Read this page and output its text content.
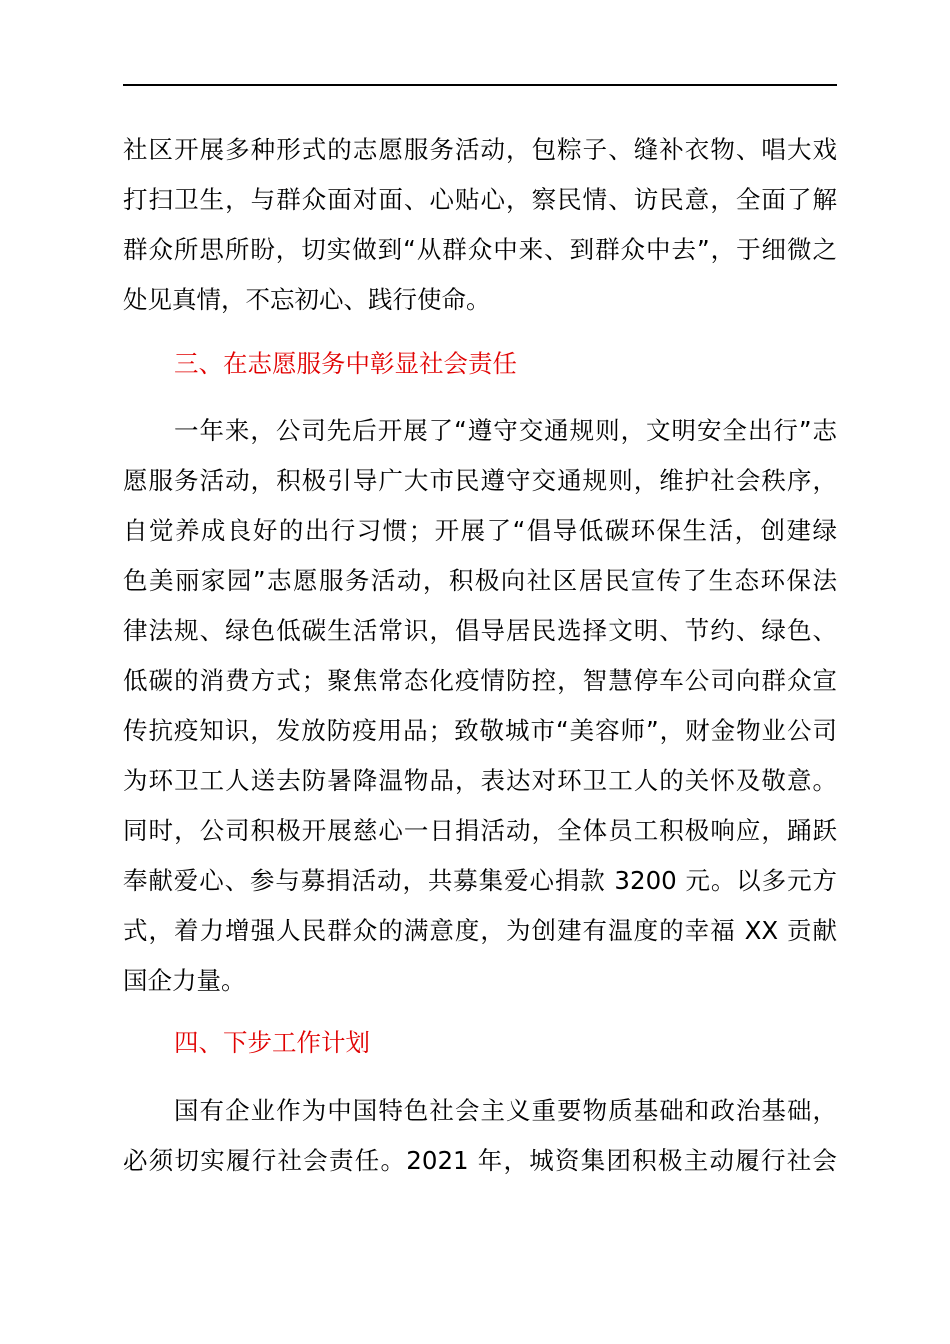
社区开展多种形式的志愿服务活动，包粽子、缝补衣物、唱大戏
打扫卫生，与群众面对面、心贴心，察民情、访民意，全面了解
群众所思所盼，切实做到“从群众中来、到群众中去”，于细微之
处见真情，不忘初心、践行使命。
三、在志愿服务中彰显社会责任
一年来，公司先后开展了“遵守交通规则，文明安全出行”志
愿服务活动，积极引导广大市民遵守交通规则，维护社会秩序，
自觉养成良好的出行习惯；开展了“倡导低碳环保生活，创建绿
色美丽家园”志愿服务活动，积极向社区居民宣传了生态环保法
律法规、绿色低碳生活常识，倡导居民选择文明、节约、绿色、
低碳的消费方式；聚焦常态化疫情防控，智慧停车公司向群众宣
传抗疫知识，发放防疫用品；致敬城市“美容师”，财金物业公司
为环卫工人送去防暑降温物品，表达对环卫工人的关怀及敬意。
同时，公司积极开展慈心一日捐活动，全体员工积极响应，踊跃
奉献爱心、参与募捐活动，共募集爱心捐款 3200 元。以多元方
式，着力增强人民群众的满意度，为创建有温度的幸福 XX 贡献
国企力量。
四、下步工作计划
国有企业作为中国特色社会主义重要物质基础和政治基础，
必须切实履行社会责任。2021 年，城资集团积极主动履行社会
